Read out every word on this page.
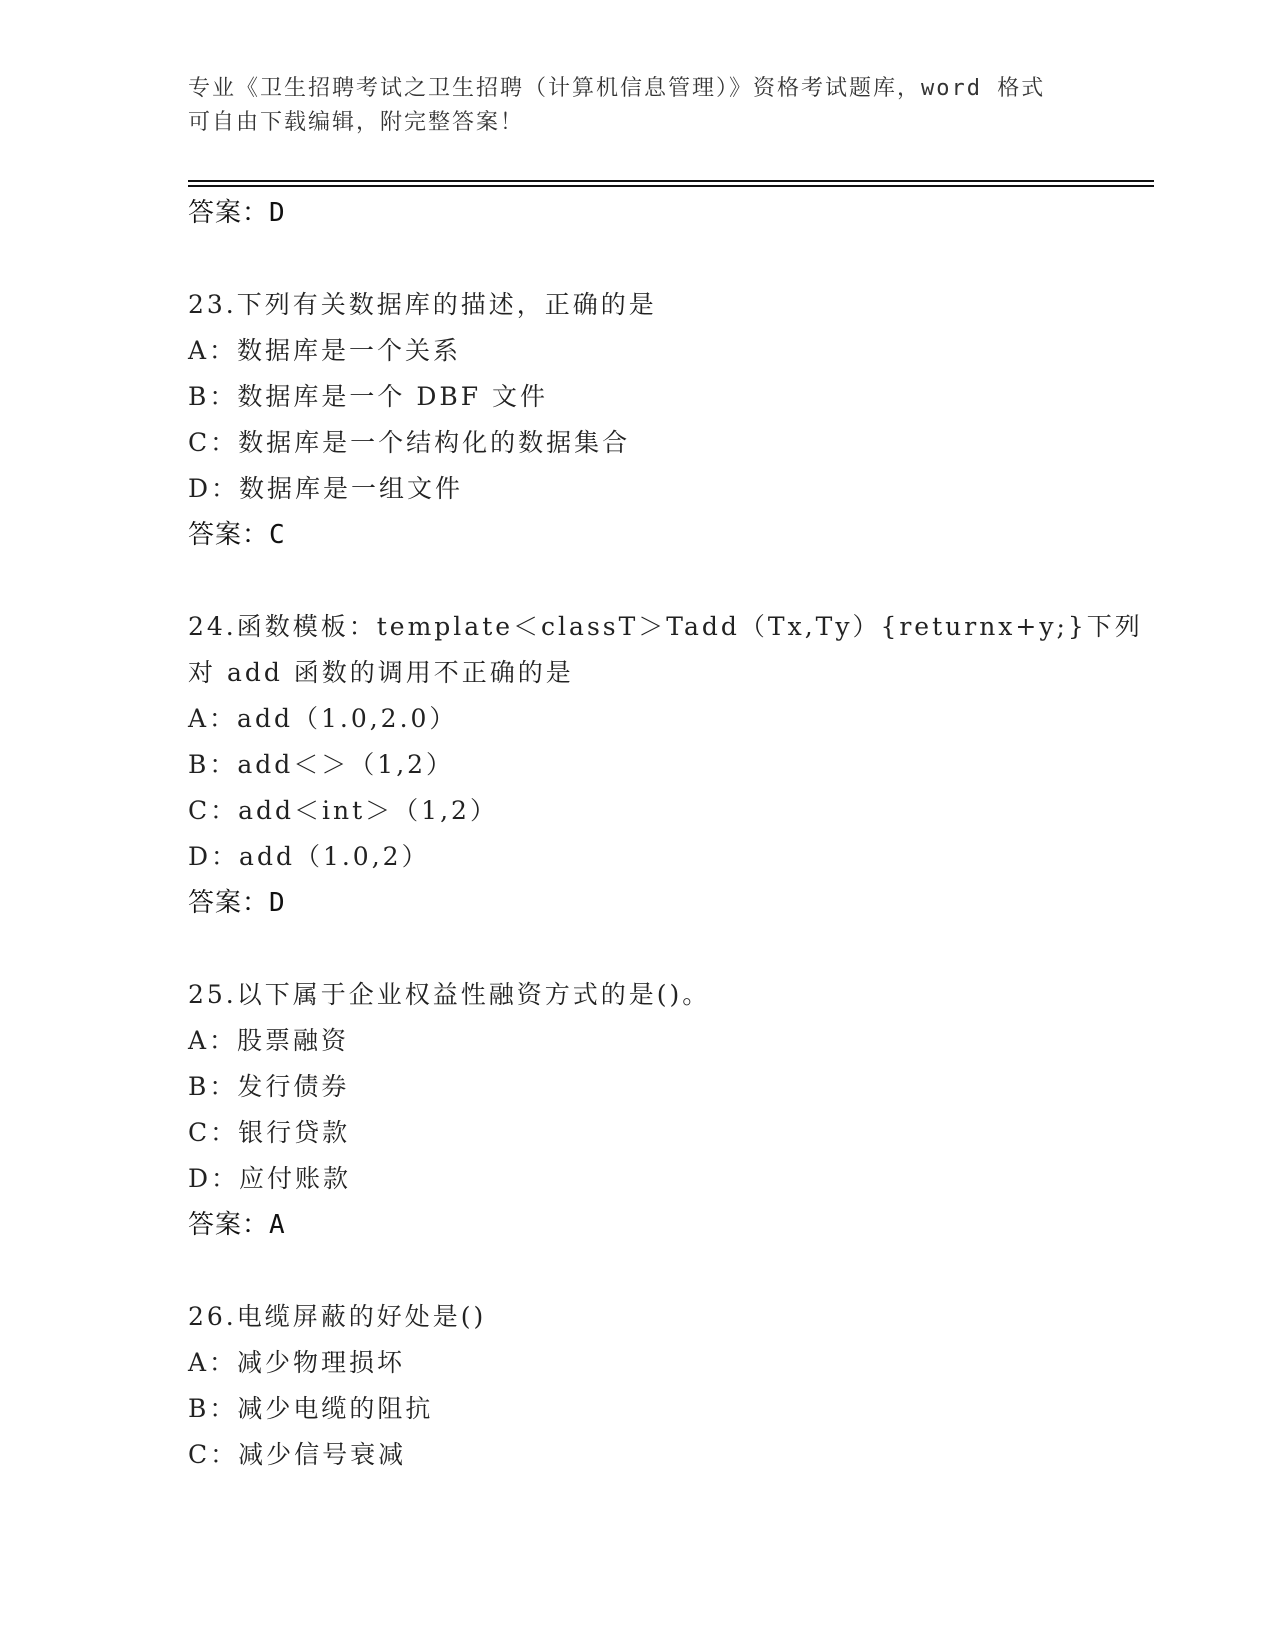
专业《卫生招聘考试之卫生招聘（计算机信息管理）》资格考试题库，word 格式
可自由下载编辑，附完整答案！
答案：D
23.下列有关数据库的描述，正确的是
A：数据库是一个关系
B：数据库是一个 DBF 文件
C：数据库是一个结构化的数据集合
D：数据库是一组文件
答案：C
24.函数模板：template＜classT＞Tadd（Tx,Ty）{returnx+y;}下列
对 add 函数的调用不正确的是
A：add（1.0,2.0）
B：add＜＞（1,2）
C：add＜int＞（1,2）
D：add（1.0,2）
答案：D
25.以下属于企业权益性融资方式的是()。
A：股票融资
B：发行债券
C：银行贷款
D：应付账款
答案：A
26.电缆屏蔽的好处是()
A：减少物理损坏
B：减少电缆的阻抗
C：减少信号衰减
